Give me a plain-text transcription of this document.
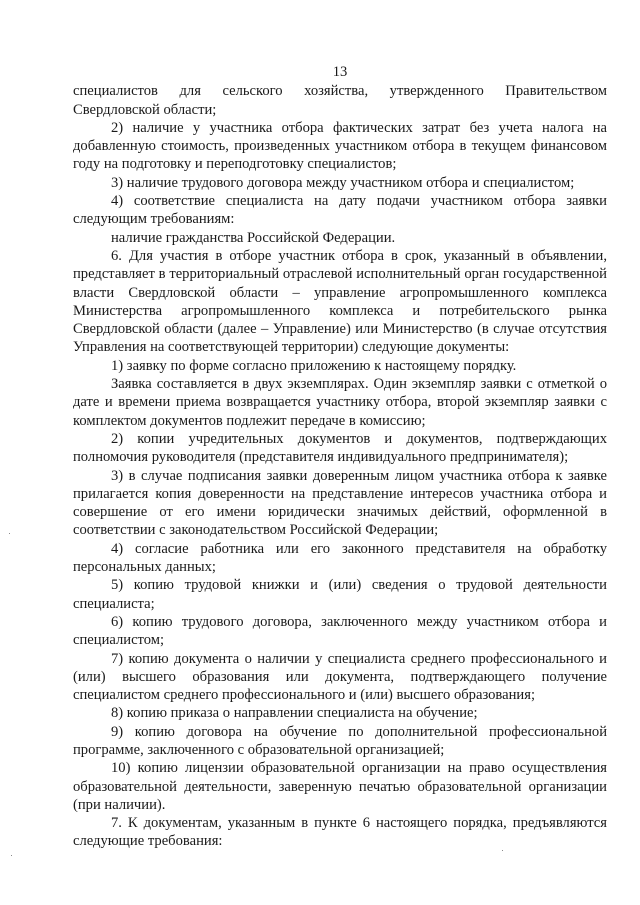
13

специалистов для сельского хозяйства, утвержденного Правительством Свердловской области;

2) наличие у участника отбора фактических затрат без учета налога на добавленную стоимость, произведенных участником отбора в текущем финансовом году на подготовку и переподготовку специалистов;

3) наличие трудового договора между участником отбора и специалистом;

4) соответствие специалиста на дату подачи участником отбора заявки следующим требованиям:

наличие гражданства Российской Федерации.

6. Для участия в отборе участник отбора в срок, указанный в объявлении, представляет в территориальный отраслевой исполнительный орган государственной власти Свердловской области – управление агропромышленного комплекса Министерства агропромышленного комплекса и потребительского рынка Свердловской области (далее – Управление) или Министерство (в случае отсутствия Управления на соответствующей территории) следующие документы:

1) заявку по форме согласно приложению к настоящему порядку.

Заявка составляется в двух экземплярах. Один экземпляр заявки с отметкой о дате и времени приема возвращается участнику отбора, второй экземпляр заявки с комплектом документов подлежит передаче в комиссию;

2) копии учредительных документов и документов, подтверждающих полномочия руководителя (представителя индивидуального предпринимателя);

3) в случае подписания заявки доверенным лицом участника отбора к заявке прилагается копия доверенности на представление интересов участника отбора и совершение от его имени юридически значимых действий, оформленной в соответствии с законодательством Российской Федерации;

4) согласие работника или его законного представителя на обработку персональных данных;

5) копию трудовой книжки и (или) сведения о трудовой деятельности специалиста;

6) копию трудового договора, заключенного между участником отбора и специалистом;

7) копию документа о наличии у специалиста среднего профессионального и (или) высшего образования или документа, подтверждающего получение специалистом среднего профессионального и (или) высшего образования;

8) копию приказа о направлении специалиста на обучение;

9) копию договора на обучение по дополнительной профессиональной программе, заключенного с образовательной организацией;

10) копию лицензии образовательной организации на право осуществления образовательной деятельности, заверенную печатью образовательной организации (при наличии).

7. К документам, указанным в пункте 6 настоящего порядка, предъявляются следующие требования:
